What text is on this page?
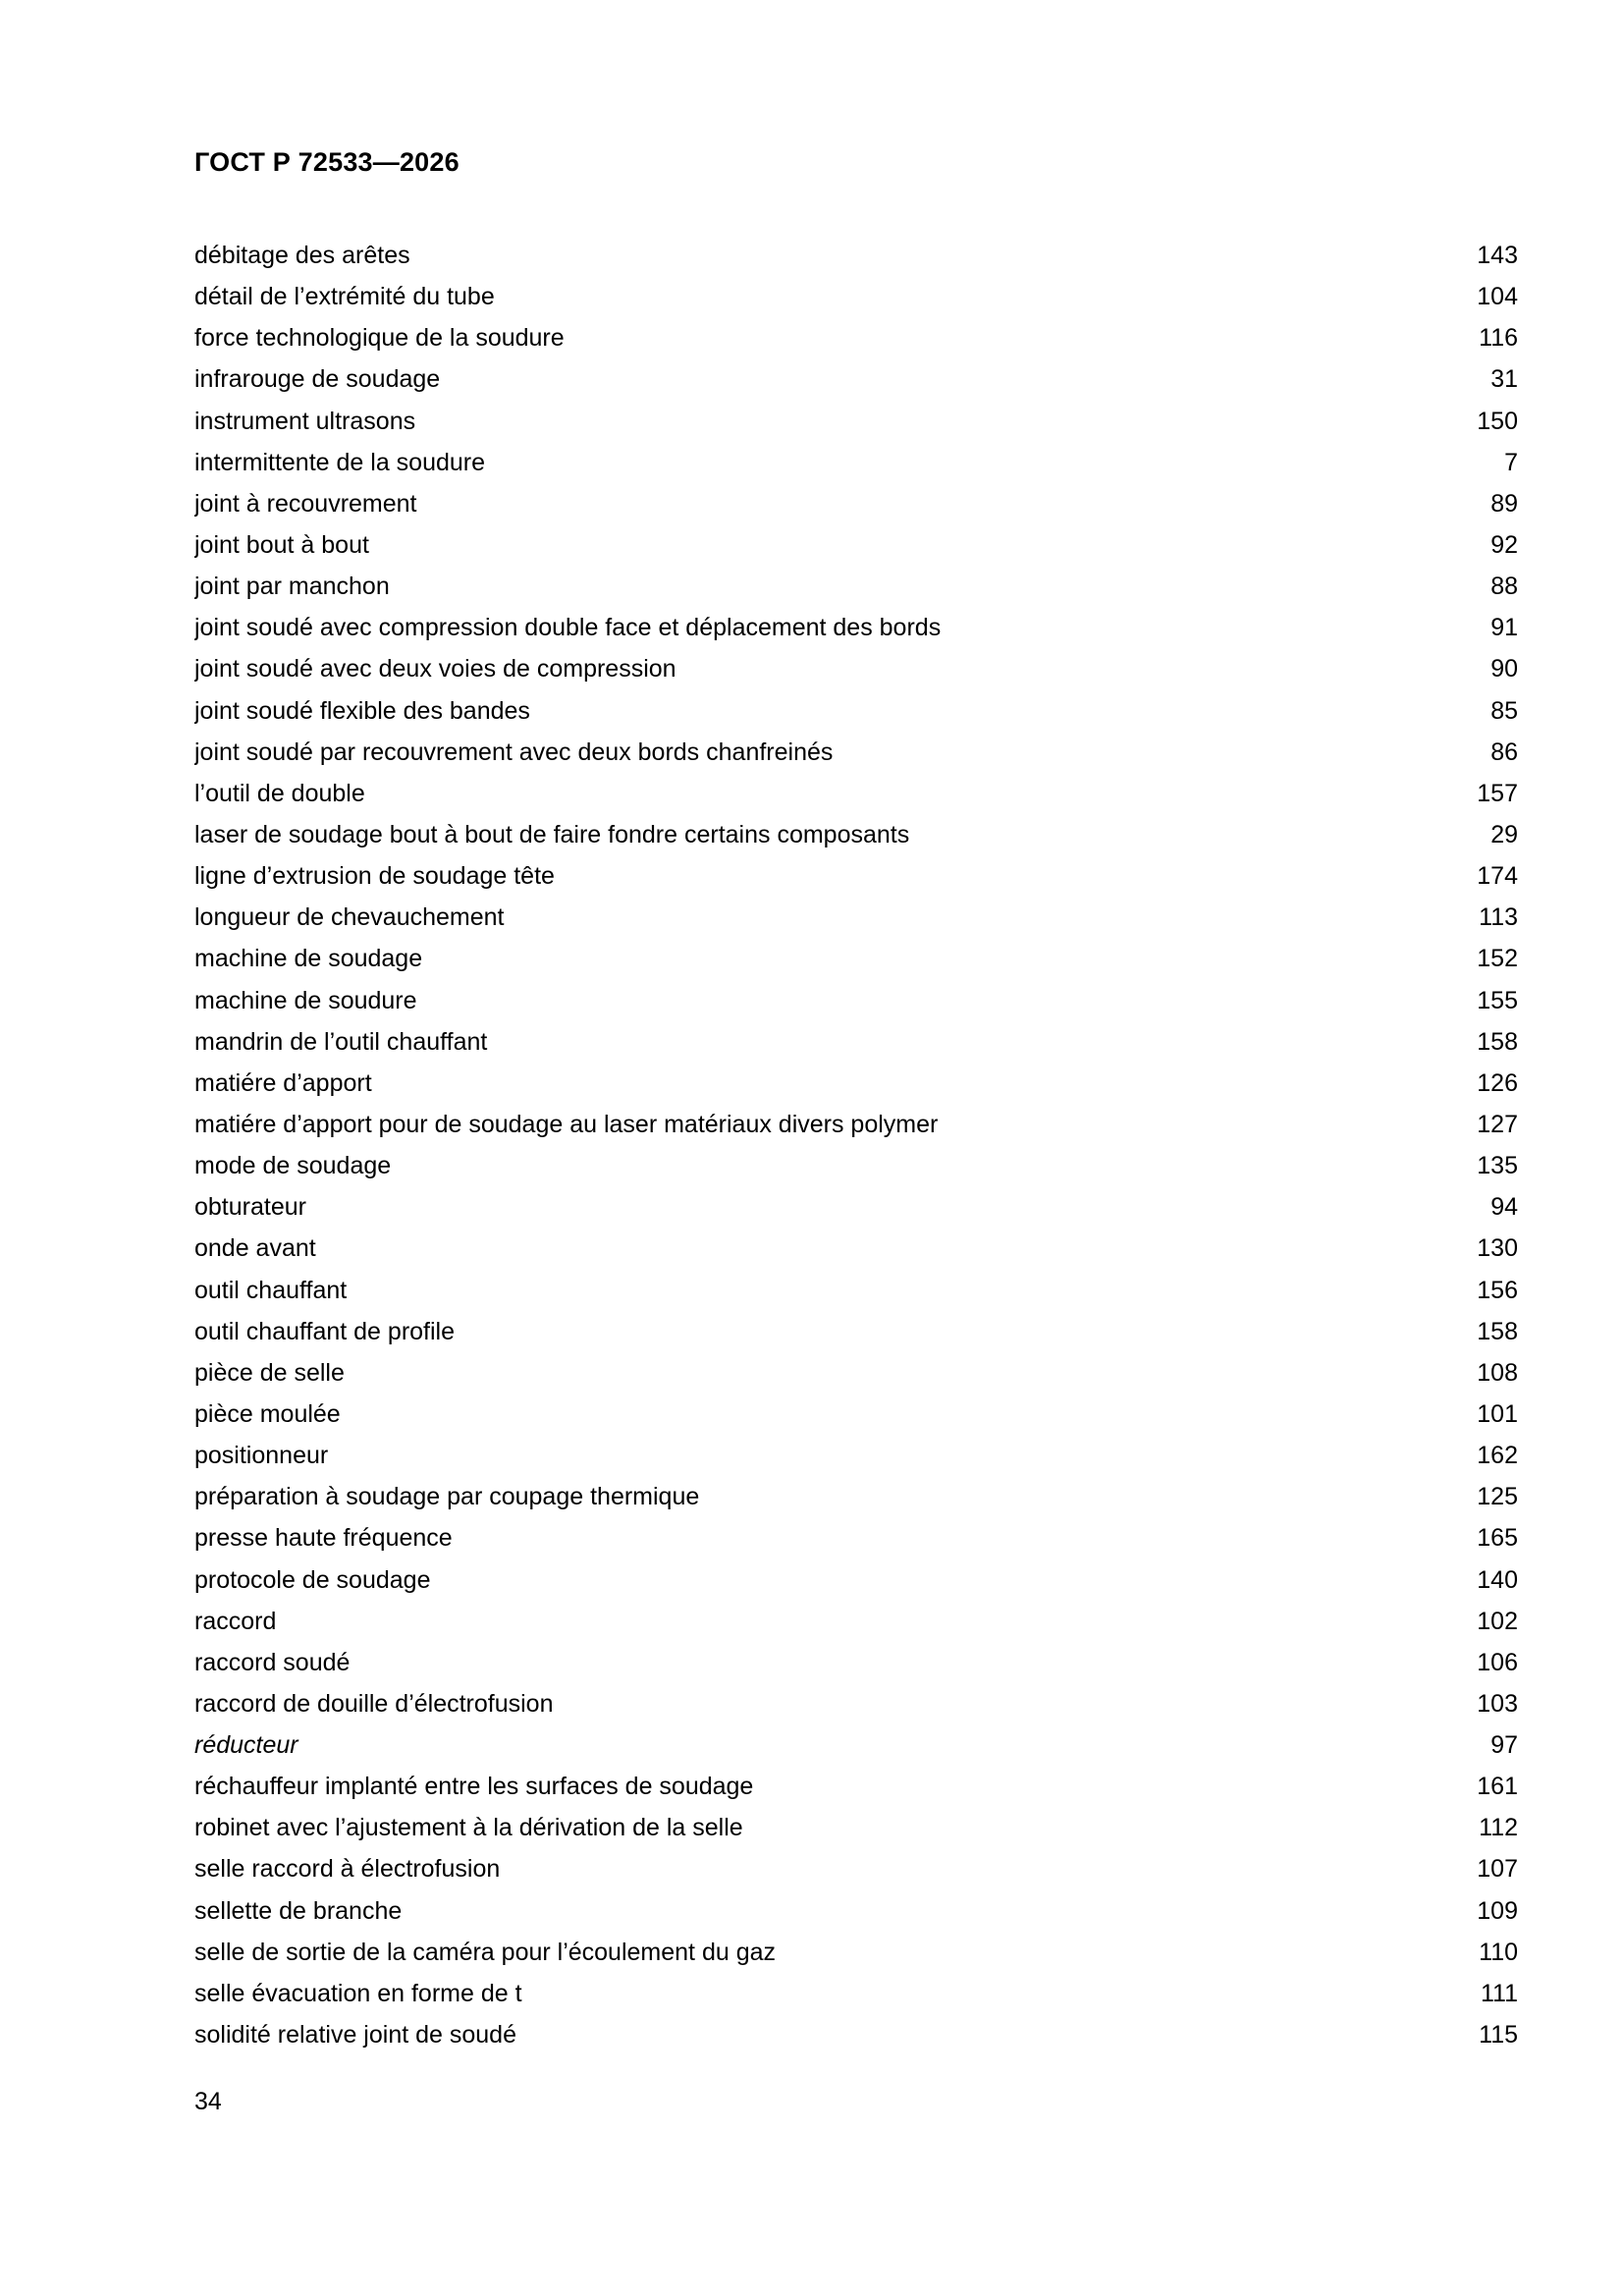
ГОСТ Р 72533—2026
débitage des arêtes	143
détail de l’extrémité du tube	104
force technologique de la soudure	116
infrarouge de soudage	31
instrument ultrasons	150
intermittente de la soudure	7
joint à recouvrement	89
joint bout à bout	92
joint par manchon	88
joint soudé avec compression double face et déplacement des bords	91
joint soudé avec deux voies de compression	90
joint soudé flexible des bandes	85
joint soudé par recouvrement avec deux bords chanfreinés	86
l’outil de double	157
laser de soudage bout à bout de faire fondre certains composants	29
ligne d’extrusion de soudage tête	174
longueur de chevauchement	113
machine de soudage	152
machine de soudure	155
mandrin de l’outil chauffant	158
matiére d’apport	126
matiére d’apport pour de soudage au laser matériaux divers polymer	127
mode de soudage	135
obturateur	94
onde avant	130
outil chauffant	156
outil chauffant de profile	158
pièce de selle	108
pièce moulée	101
positionneur	162
préparation à soudage par coupage thermique	125
presse haute fréquence	165
protocole de soudage	140
raccord	102
raccord soudé	106
raccord de douille d’électrofusion	103
réducteur	97
réchauffeur implanté entre les surfaces de soudage	161
robinet avec l’ajustement à la dérivation de la selle	112
selle raccord à électrofusion	107
sellette de branche	109
selle de sortie de la caméra pour l’écoulement du gaz	110
selle évacuation en forme de t	111
solidité relative joint de soudé	115
34
